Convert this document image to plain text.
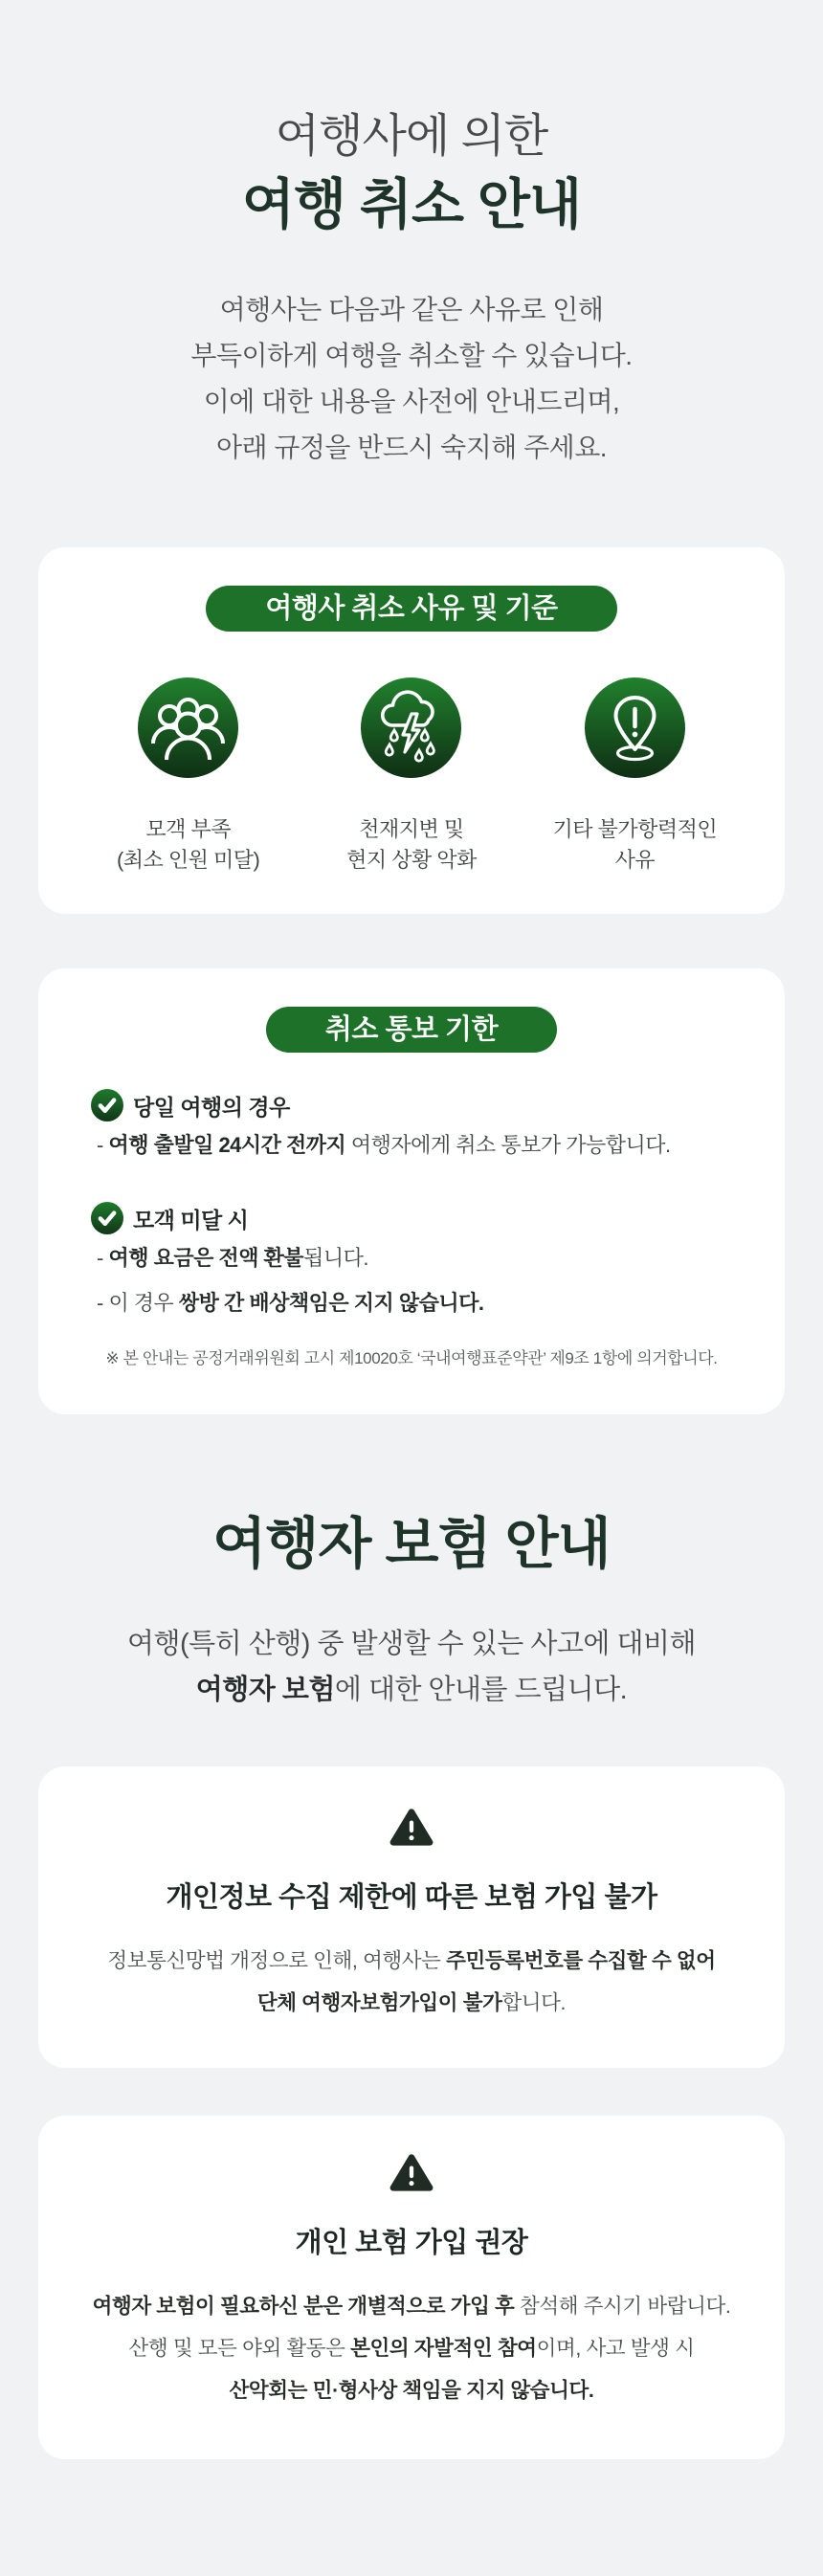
여행사에 의한
여행 취소 안내
여행사는 다음과 같은 사유로 인해
부득이하게 여행을 취소할 수 있습니다.
이에 대한 내용을 사전에 안내드리며,
아래 규정을 반드시 숙지해 주세요.
여행사 취소 사유 및 기준
모객 부족
(최소 인원 미달)
천재지변 및
현지 상황 악화
기타 불가항력적인
사유
취소 통보 기한
당일 여행의 경우
- 여행 출발일 24시간 전까지 여행자에게 취소 통보가 가능합니다.
모객 미달 시
- 여행 요금은 전액 환불됩니다.
- 이 경우 쌍방 간 배상책임은 지지 않습니다.
※ 본 안내는 공정거래위원회 고시 제10020호 ‘국내여행표준약관’ 제9조 1항에 의거합니다.
여행자 보험 안내
여행(특히 산행) 중 발생할 수 있는 사고에 대비해
여행자 보험에 대한 안내를 드립니다.
개인정보 수집 제한에 따른 보험 가입 불가
정보통신망법 개정으로 인해, 여행사는 주민등록번호를 수집할 수 없어
단체 여행자보험가입이 불가합니다.
개인 보험 가입 권장
여행자 보험이 필요하신 분은 개별적으로 가입 후 참석해 주시기 바랍니다.
산행 및 모든 야외 활동은 본인의 자발적인 참여이며, 사고 발생 시
산악회는 민·형사상 책임을 지지 않습니다.
